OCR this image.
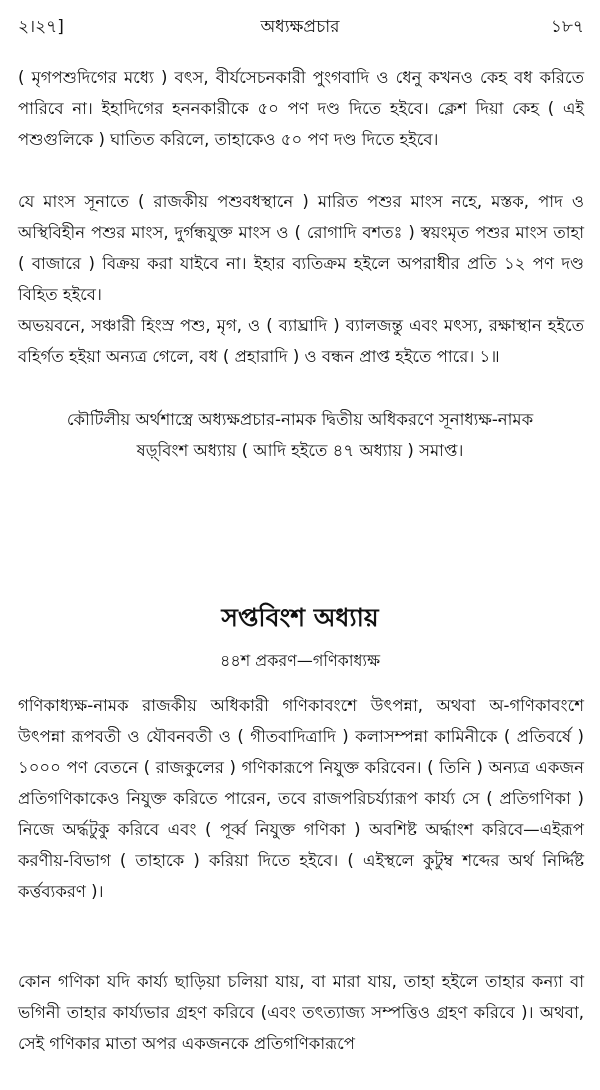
অধ্যক্ষপ্রচার
২।২৭]	১৮৭
( মৃগপশুদিগের মধ্যে ) বৎস, বীর্যসেচনকারী পুংগবাদি ও ধেনু কখনও কেহ বধ করিতে পারিবে না। ইহাদিগের হননকারীকে ৫০ পণ দণ্ড দিতে হইবে। ক্লেশ দিয়া কেহ ( এই পশুগুলিকে ) ঘাতিত করিলে, তাহাকেও ৫০ পণ দণ্ড দিতে হইবে।
যে মাংস সূনাতে ( রাজকীয় পশুবধস্থানে ) মারিত পশুর মাংস নহে, মস্তক, পাদ ও অস্থিবিহীন পশুর মাংস, দুর্গন্ধযুক্ত মাংস ও ( রোগাদি বশতঃ ) স্বয়ংমৃত পশুর মাংস তাহা ( বাজারে ) বিক্রয় করা যাইবে না। ইহার ব্যতিক্রম হইলে অপরাধীর প্রতি ১২ পণ দণ্ড বিহিত হইবে।
অভয়বনে, সঞ্চারী হিংস্র পশু, মৃগ, ও ( ব্যাঘ্রাদি ) ব্যালজন্তু এবং মৎস্য, রক্ষাস্থান হইতে বহির্গত হইয়া অন্যত্র গেলে, বধ ( প্রহারাদি ) ও বন্ধন প্রাপ্ত হইতে পারে। ১॥
কৌটিলীয় অর্থশাস্ত্রে অধ্যক্ষপ্রচার-নামক দ্বিতীয় অধিকরণে সূনাধ্যক্ষ-নামক
ষড়্‌বিংশ অধ্যায় ( আদি হইতে ৪৭ অধ্যায় ) সমাপ্ত।
সপ্তবিংশ অধ্যায়
৪৪শ প্রকরণ—গণিকাধ্যক্ষ
গণিকাধ্যক্ষ-নামক রাজকীয় অধিকারী গণিকাবংশে উৎপন্না, অথবা অ-গণিকাবংশে উৎপন্না রূপবতী ও যৌবনবতী ও ( গীতবাদিত্রাদি ) কলাসম্পন্না কামিনীকে ( প্রতিবর্ষে ) ১০০০ পণ বেতনে ( রাজকুলের ) গণিকারূপে নিযুক্ত করিবেন। ( তিনি ) অন্যত্র একজন প্রতিগণিকাকেও নিযুক্ত করিতে পারেন, তবে রাজপরিচর্য্যারূপ কার্য্য সে ( প্রতিগণিকা ) নিজে অর্দ্ধটুকু করিবে এবং ( পূর্ব্ব নিযুক্ত গণিকা ) অবশিষ্ট অর্দ্ধাংশ করিবে—এইরূপ করণীয়-বিভাগ ( তাহাকে ) করিয়া দিতে হইবে। ( এইস্থলে কুটুম্ব শব্দের অর্থ নির্দ্দিষ্ট কর্ত্তব্যকরণ )।
কোন গণিকা যদি কার্য্য ছাড়িয়া চলিয়া যায়, বা মারা যায়, তাহা হইলে তাহার কন্যা বা ভগিনী তাহার কার্য্যভার গ্রহণ করিবে (এবং তৎত্যাজ্য সম্পত্তিও গ্রহণ করিবে )। অথবা, সেই গণিকার মাতা অপর একজনকে প্রতিগণিকারূপে
